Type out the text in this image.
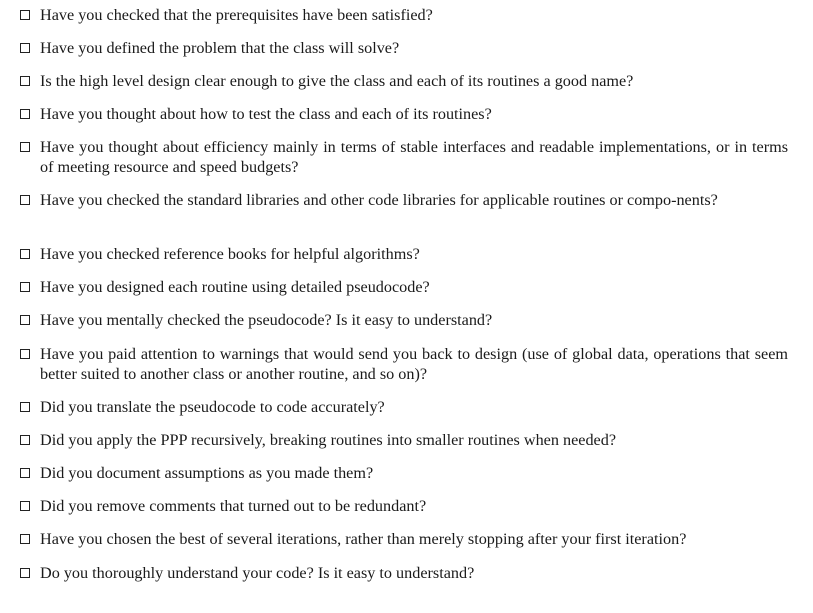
Have you checked that the prerequisites have been satisfied?
Have you defined the problem that the class will solve?
Is the high level design clear enough to give the class and each of its routines a good name?
Have you thought about how to test the class and each of its routines?
Have you thought about efficiency mainly in terms of stable interfaces and readable implementations, or in terms of meeting resource and speed budgets?
Have you checked the standard libraries and other code libraries for applicable routines or compo-nents?
Have you checked reference books for helpful algorithms?
Have you designed each routine using detailed pseudocode?
Have you mentally checked the pseudocode? Is it easy to understand?
Have you paid attention to warnings that would send you back to design (use of global data, operations that seem better suited to another class or another routine, and so on)?
Did you translate the pseudocode to code accurately?
Did you apply the PPP recursively, breaking routines into smaller routines when needed?
Did you document assumptions as you made them?
Did you remove comments that turned out to be redundant?
Have you chosen the best of several iterations, rather than merely stopping after your first iteration?
Do you thoroughly understand your code? Is it easy to understand?
